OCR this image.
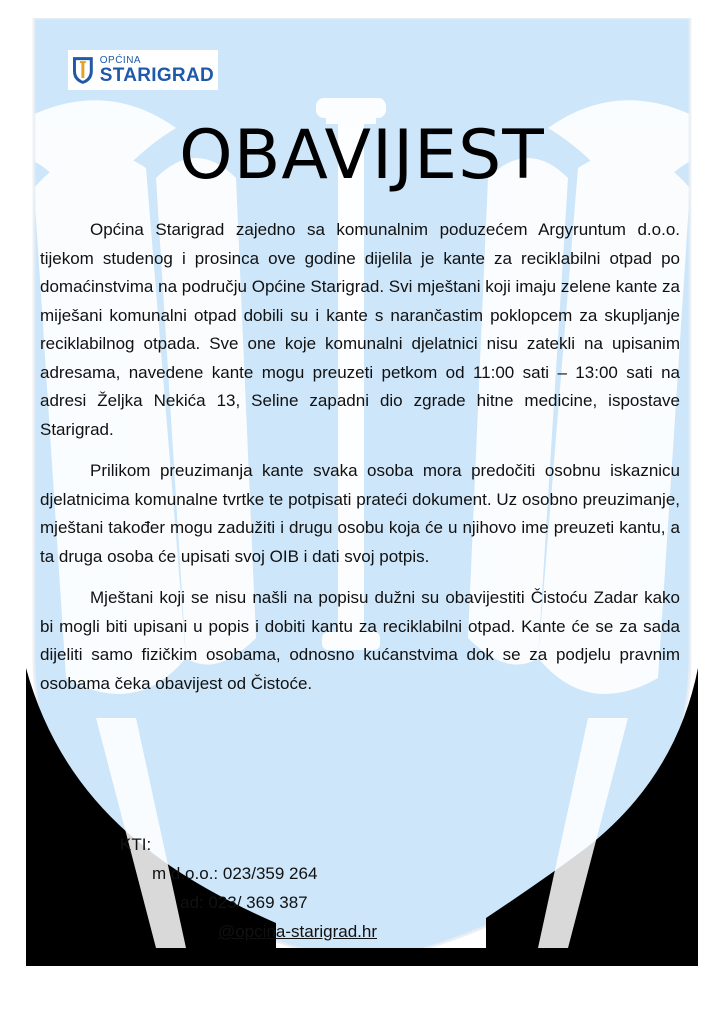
OPĆINA
STARIGRAD
OBAVIJEST

Općina Starigrad zajedno sa komunalnim poduzećem Argyruntum d.o.o. tijekom studenog i prosinca ove godine dijelila je kante za reciklabilni otpad po domaćinstvima na području Općine Starigrad. Svi mještani koji imaju zelene kante za miješani komunalni otpad dobili su i kante s narančastim poklopcem za skupljanje reciklabilnog otpada. Sve one koje komunalni djelatnici nisu zatekli na upisanim adresama, navedene kante mogu preuzeti petkom od 11:00 sati – 13:00 sati na adresi Željka Nekića 13, Seline zapadni dio zgrade hitne medicine, ispostave Starigrad.

Prilikom preuzimanja kante svaka osoba mora predočiti osobnu iskaznicu djelatnicima komunalne tvrtke te potpisati prateći dokument. Uz osobno preuzimanje, mještani također mogu zadužiti i drugu osobu koja će u njihovo ime preuzeti kantu, a ta druga osoba će upisati svoj OIB i dati svoj potpis.

Mještani koji se nisu našli na popisu dužni su obavijestiti Čistoću Zadar kako bi mogli biti upisani u popis i dobiti kantu za reciklabilni otpad. Kante će se za sada dijeliti samo fizičkim osobama, odnosno kućanstvima dok se za podjelu pravnim osobama čeka obavijest od Čistoće.

KTI:
m d.o.o.: 023/359 264
ad: 023/ 369 387
@opcina-starigrad.hr
